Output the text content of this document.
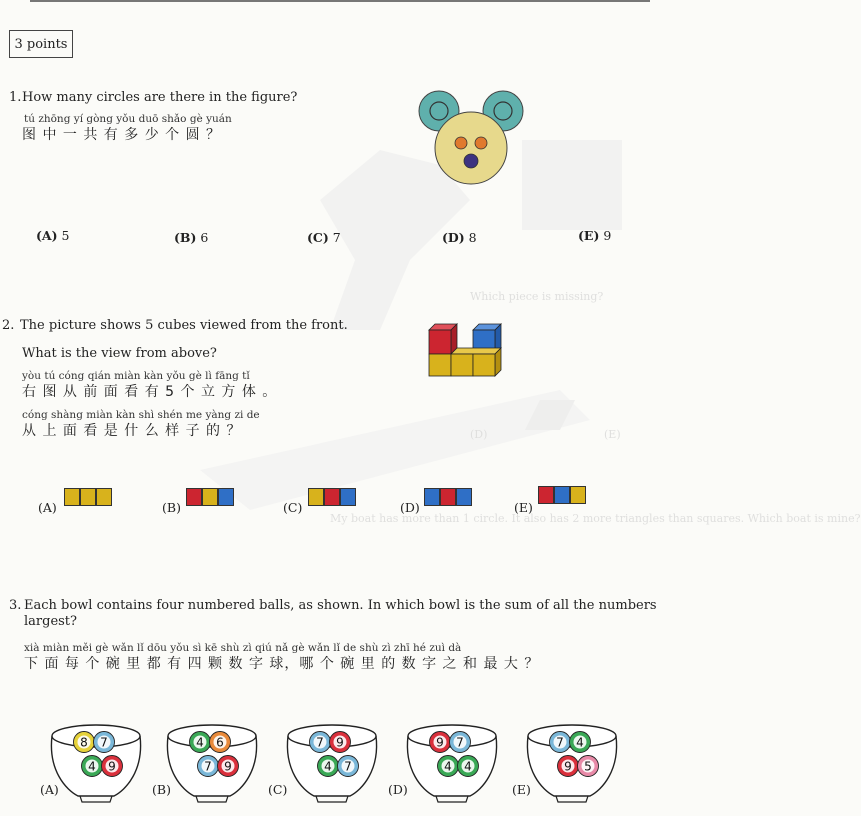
Which piece is missing?
My boat has more than 1 circle. It also has 2 more triangles than squares. Which boat is mine?
(D)	(E)
3 points
1. How many circles are there in the figure?
tú zhōng yí gòng yǒu duō shǎo gè yuán
图 中 一 共 有 多 少 个 圆 ？
(A) 5	(B) 6	(C) 7	(D) 8	(E) 9
2. The picture shows 5 cubes viewed from the front.
What is the view from above?
yòu tú cóng qián miàn kàn yǒu gè lì fāng tǐ
右 图 从 前 面 看 有 5 个 立 方 体 。
cóng shàng miàn kàn shì shén me yàng zi de
从 上 面 看 是 什 么 样 子 的 ？
(A)	(B)	(C)	(D)	(E)
3. Each bowl contains four numbered balls, as shown. In which bowl is the sum of all the numbers
largest?
xià miàn měi gè wǎn lǐ dōu yǒu sì kē shù zì qiú nǎ gè wǎn lǐ de shù zì zhī hé zuì dà
下 面 每 个 碗 里 都 有 四 颗 数 字 球，哪 个 碗 里 的 数 字 之 和 最 大 ？
8 7
4 9
(A)
4 6
7 9
(B)
7 9
4 7
(C)
9 7
4 4
(D)
7 4
9 5
(E)
